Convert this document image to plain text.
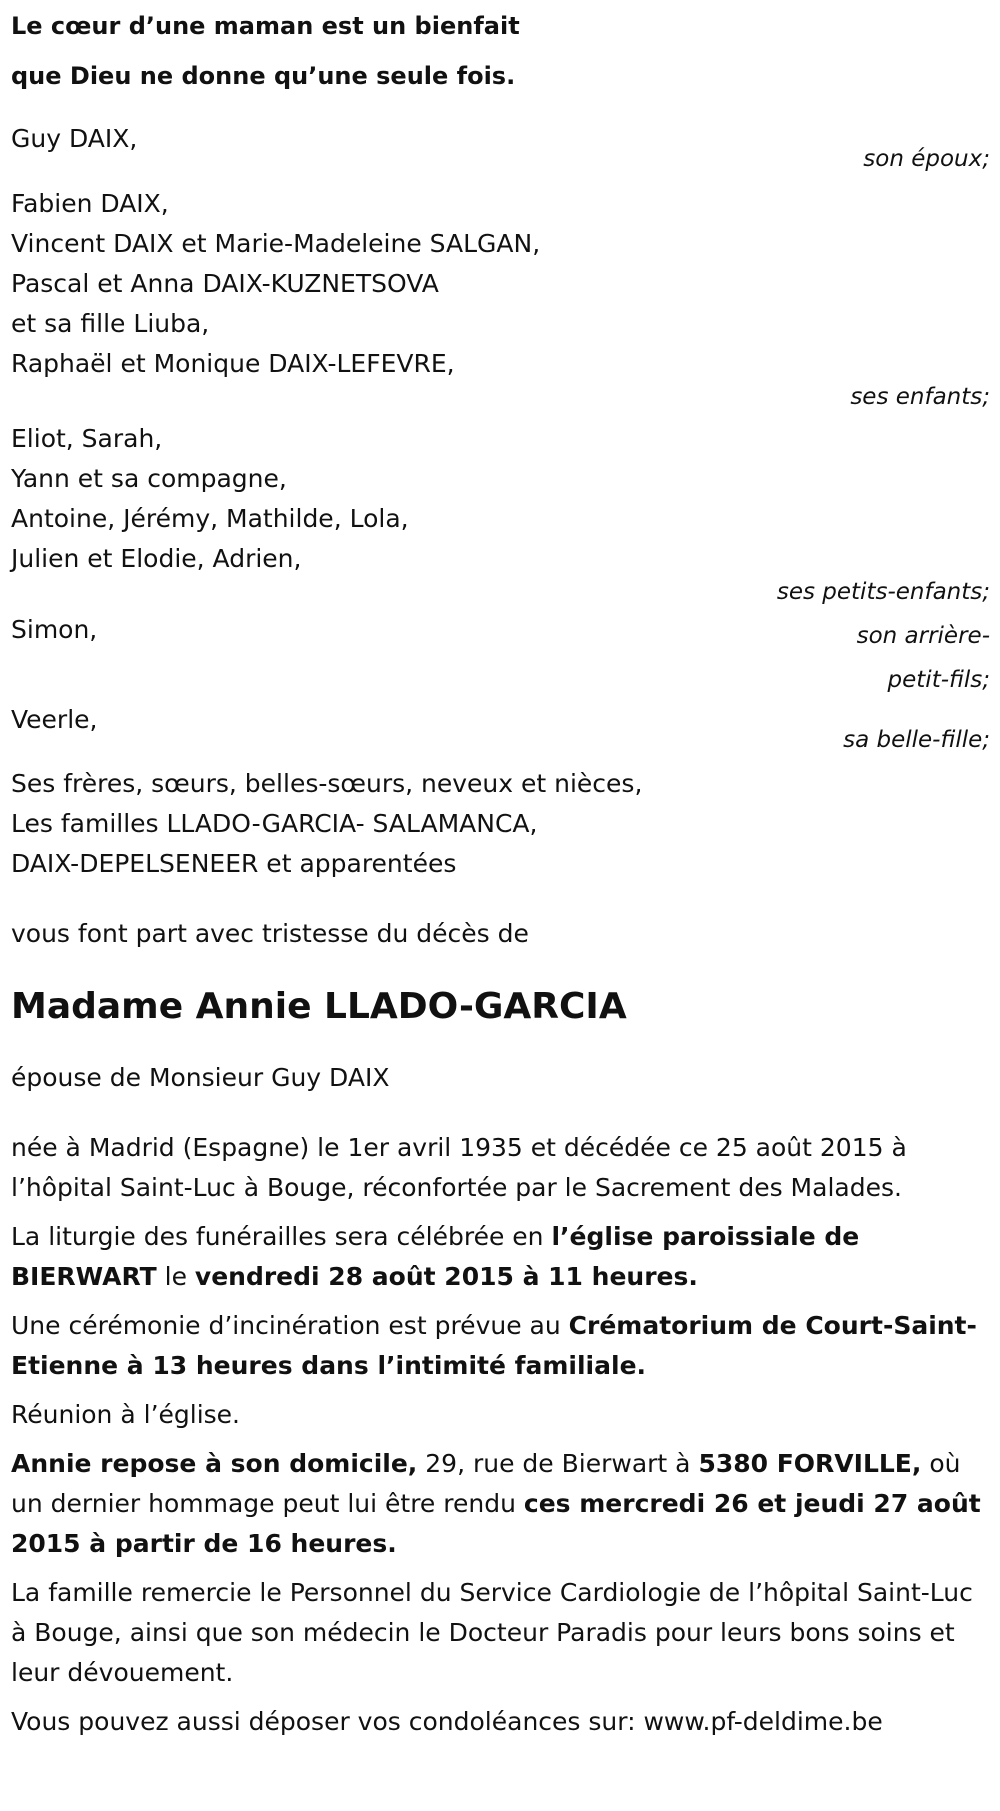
Le cœur d’une maman est un bienfait
que Dieu ne donne qu’une seule fois.
Guy DAIX,
son époux;
Fabien DAIX,
Vincent DAIX et Marie-Madeleine SALGAN,
Pascal et Anna DAIX-KUZNETSOVA
et sa fille Liuba,
Raphaël et Monique DAIX-LEFEVRE,
ses enfants;
Eliot, Sarah,
Yann et sa compagne,
Antoine, Jérémy, Mathilde, Lola,
Julien et Elodie, Adrien,
ses petits-enfants;
Simon,	son arrière-
petit-fils;
Veerle,
sa belle-fille;
Ses frères, sœurs, belles-sœurs, neveux et nièces,
Les familles LLADO-GARCIA- SALAMANCA,
DAIX-DEPELSENEER et apparentées
vous font part avec tristesse du décès de
Madame Annie LLADO-GARCIA
épouse de Monsieur Guy DAIX

née à Madrid (Espagne) le 1er avril 1935 et décédée ce 25 août 2015 à l’hôpital Saint-Luc à Bouge, réconfortée par le Sacrement des Malades.

La liturgie des funérailles sera célébrée en l’église paroissiale de BIERWART le vendredi 28 août 2015 à 11 heures.

Une cérémonie d’incinération est prévue au Crématorium de Court-Saint-Etienne à 13 heures dans l’intimité familiale.

Réunion à l’église.

Annie repose à son domicile, 29, rue de Bierwart à 5380 FORVILLE, où un dernier hommage peut lui être rendu ces mercredi 26 et jeudi 27 août 2015 à partir de 16 heures.

La famille remercie le Personnel du Service Cardiologie de l’hôpital Saint-Luc à Bouge, ainsi que son médecin le Docteur Paradis pour leurs bons soins et leur dévouement.

Vous pouvez aussi déposer vos condoléances sur: www.pf-deldime.be
